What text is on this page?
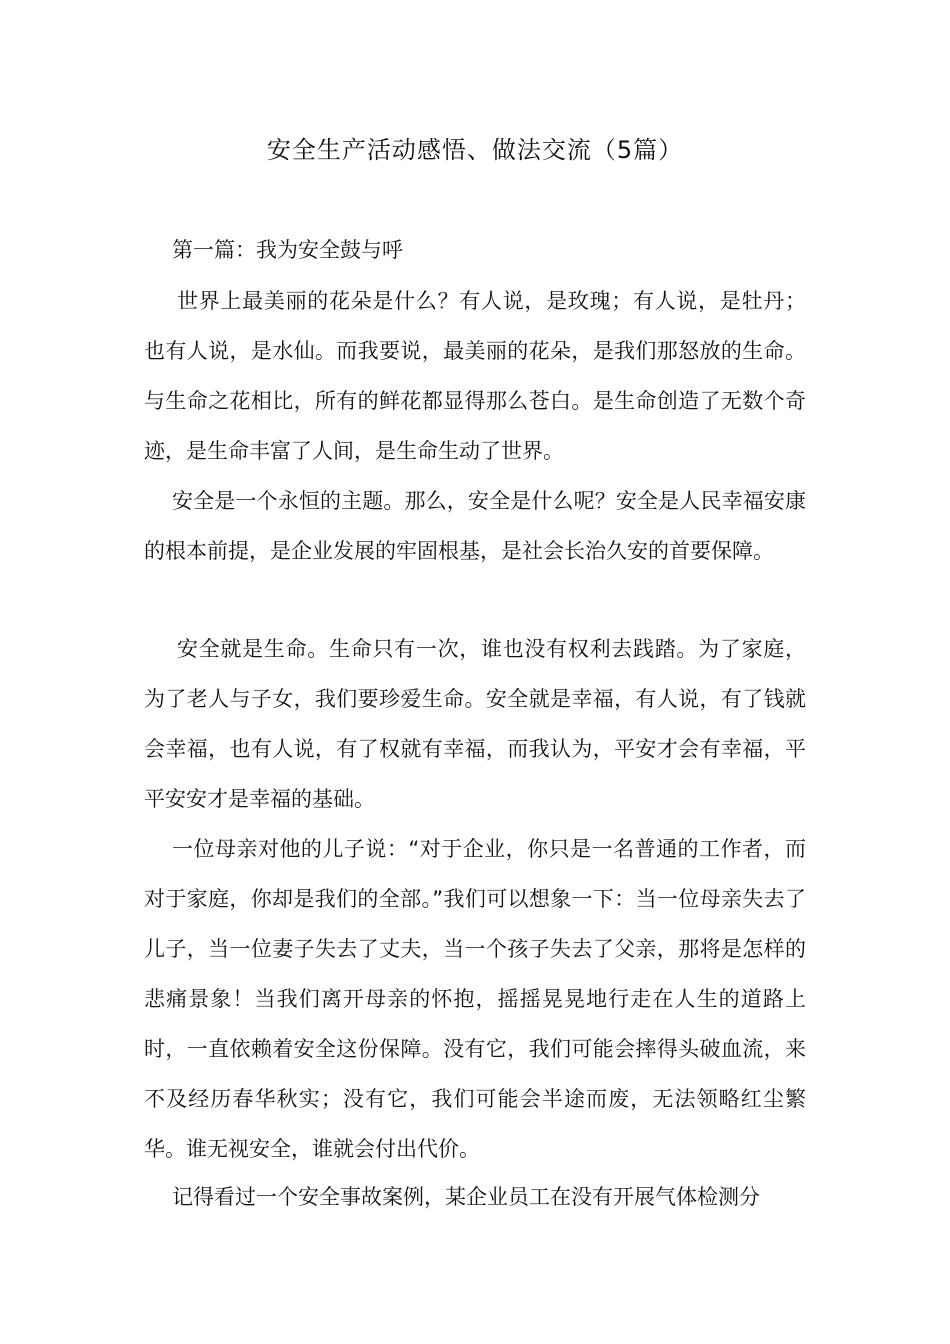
安全生产活动感悟、做法交流（5篇）
第一篇：我为安全鼓与呼

世界上最美丽的花朵是什么？有人说，是玫瑰；有人说，是牡丹；也有人说，是水仙。而我要说，最美丽的花朵，是我们那怒放的生命。与生命之花相比，所有的鲜花都显得那么苍白。是生命创造了无数个奇迹，是生命丰富了人间，是生命生动了世界。

安全是一个永恒的主题。那么，安全是什么呢？安全是人民幸福安康的根本前提，是企业发展的牢固根基，是社会长治久安的首要保障。

安全就是生命。生命只有一次，谁也没有权利去践踏。为了家庭，为了老人与子女，我们要珍爱生命。安全就是幸福，有人说，有了钱就会幸福，也有人说，有了权就有幸福，而我认为，平安才会有幸福，平平安安才是幸福的基础。

一位母亲对他的儿子说：“对于企业，你只是一名普通的工作者，而对于家庭，你却是我们的全部。”我们可以想象一下：当一位母亲失去了儿子，当一位妻子失去了丈夫，当一个孩子失去了父亲，那将是怎样的悲痛景象！当我们离开母亲的怀抱，摇摇晃晃地行走在人生的道路上时，一直依赖着安全这份保障。没有它，我们可能会摔得头破血流，来不及经历春华秋实；没有它，我们可能会半途而废，无法领略红尘繁华。谁无视安全，谁就会付出代价。

记得看过一个安全事故案例，某企业员工在没有开展气体检测分
